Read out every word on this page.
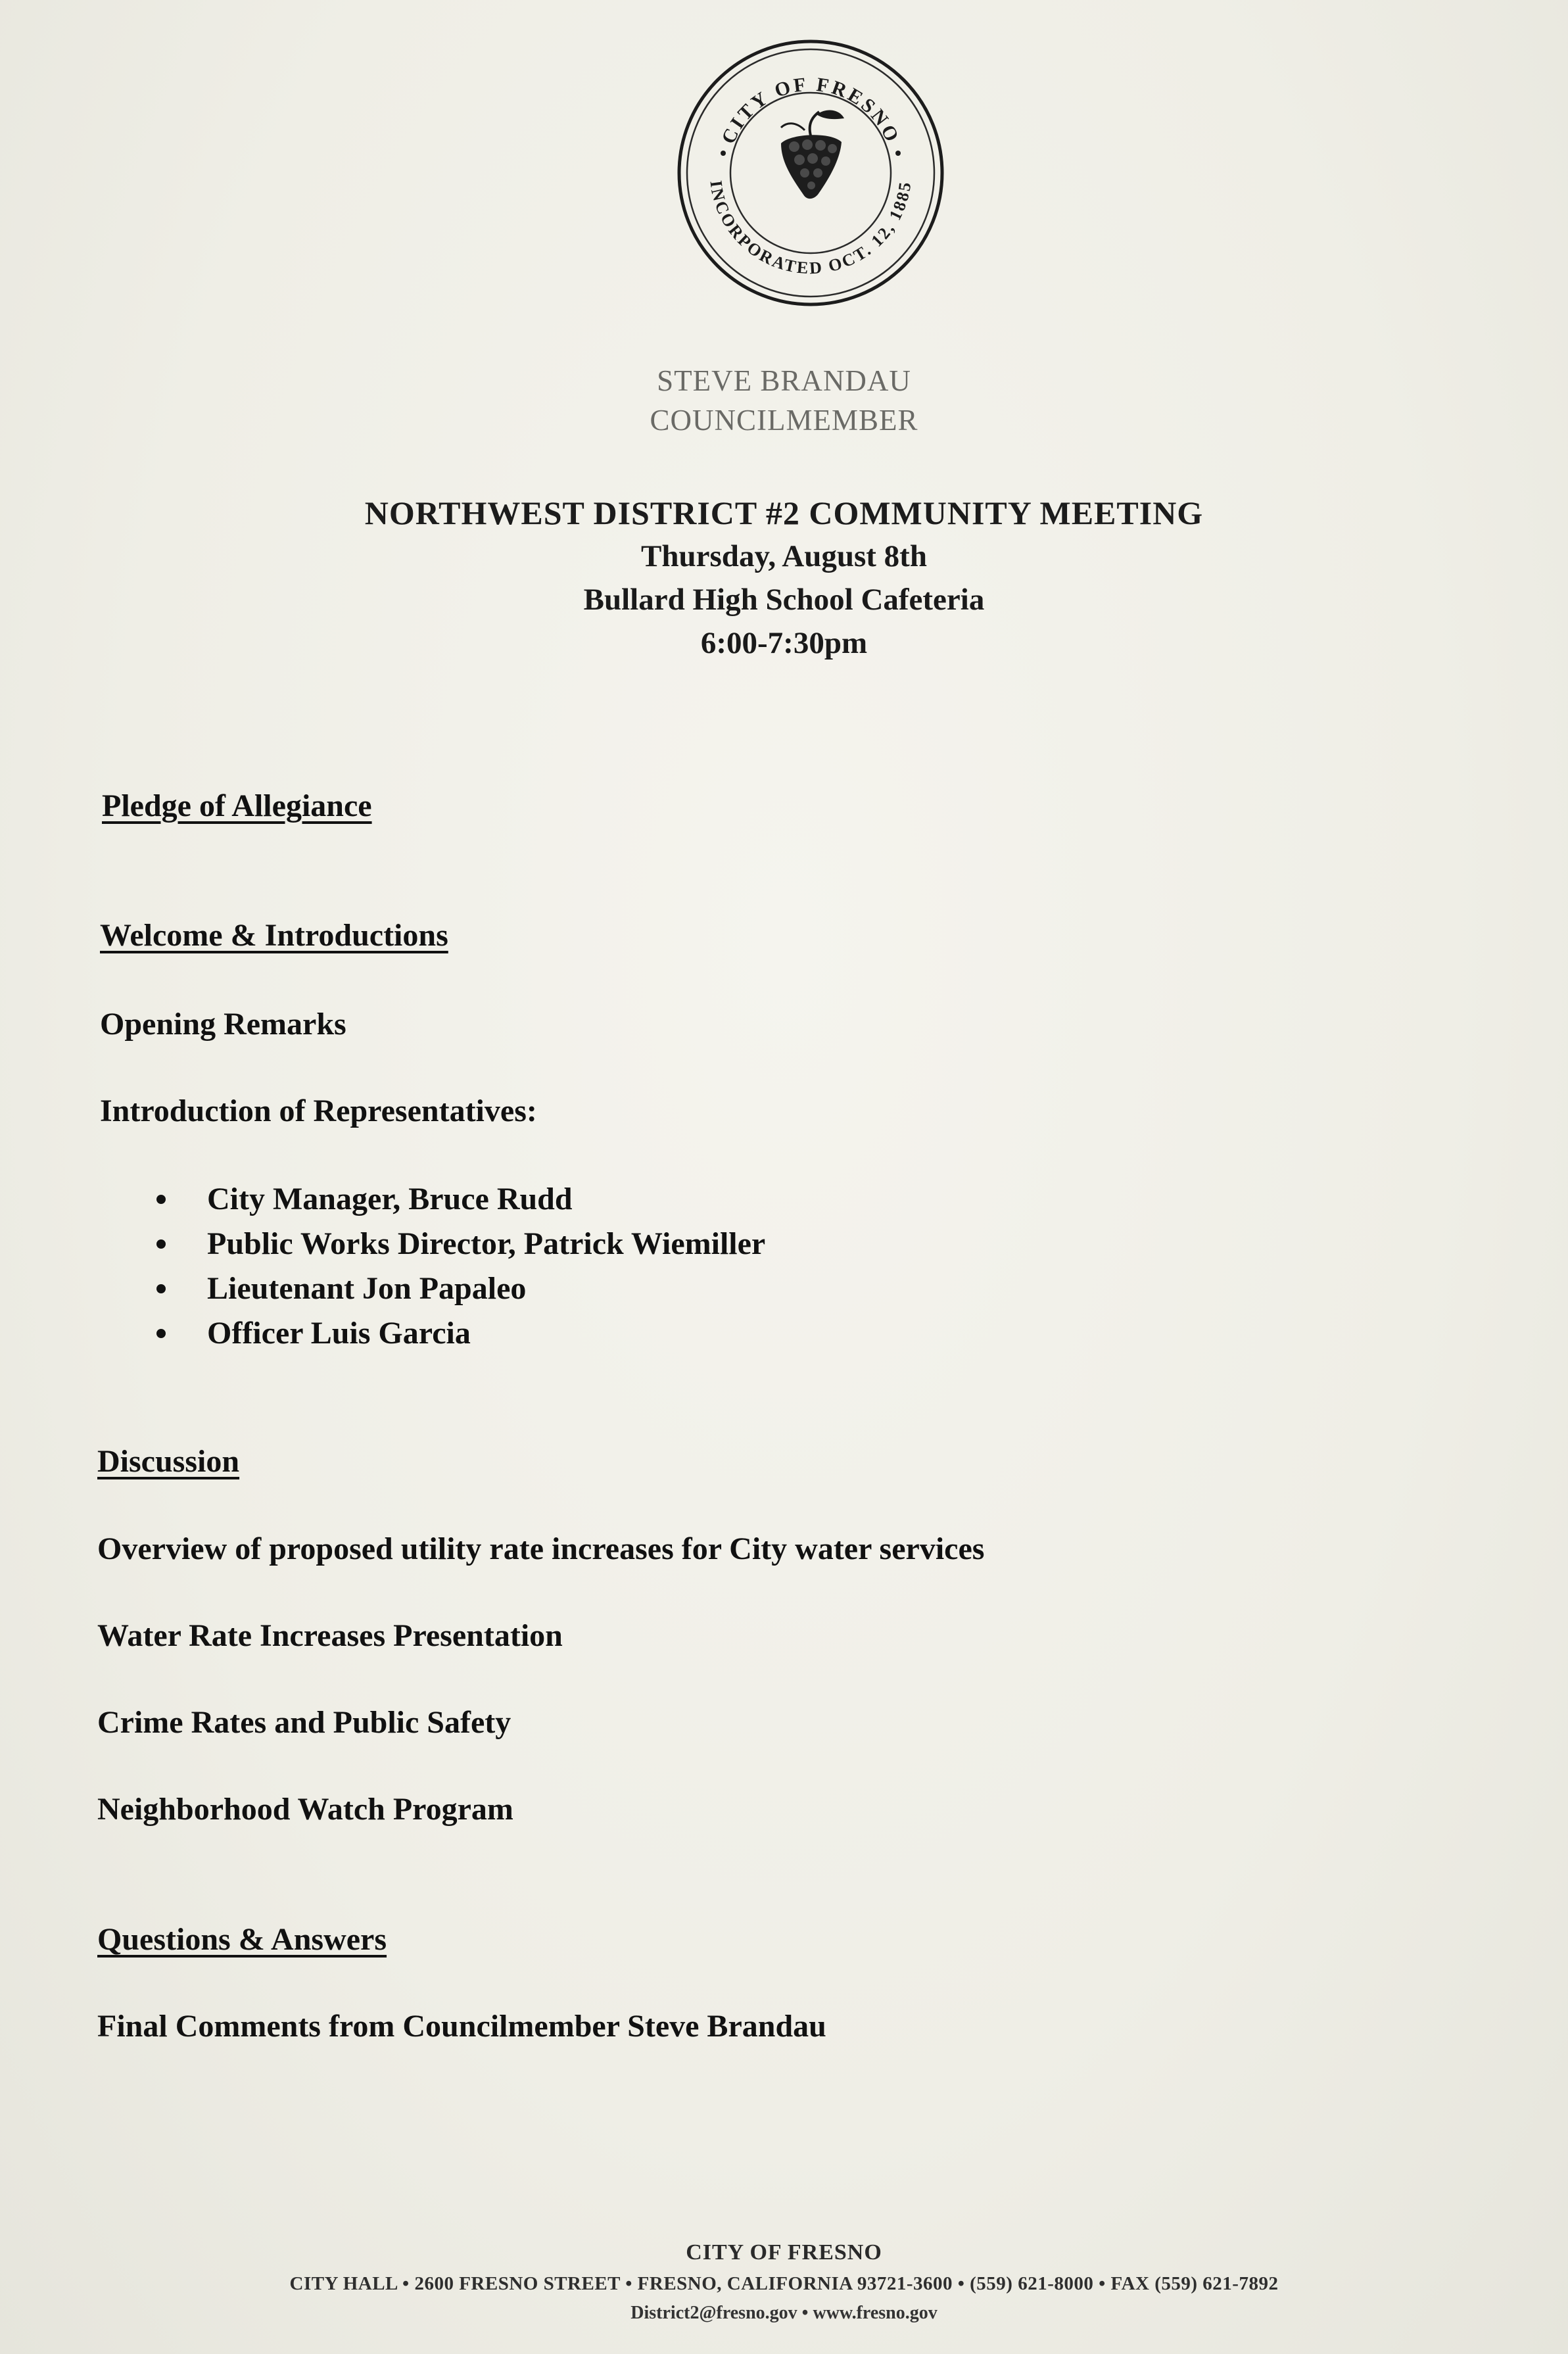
CITY OF FRESNO
INCORPORATED OCT. 12, 1885
STEVE BRANDAU
COUNCILMEMBER
NORTHWEST DISTRICT #2 COMMUNITY MEETING
Thursday, August 8th
Bullard High School Cafeteria
6:00-7:30pm
Pledge of Allegiance
Welcome & Introductions
Opening Remarks
Introduction of Representatives:
City Manager, Bruce Rudd
Public Works Director, Patrick Wiemiller
Lieutenant Jon Papaleo
Officer Luis Garcia
Discussion
Overview of proposed utility rate increases for City water services
Water Rate Increases Presentation
Crime Rates and Public Safety
Neighborhood Watch Program
Questions & Answers
Final Comments from Councilmember Steve Brandau
CITY OF FRESNO
CITY HALL • 2600 FRESNO STREET • FRESNO, CALIFORNIA 93721-3600 • (559) 621-8000 • FAX (559) 621-7892
District2@fresno.gov • www.fresno.gov
